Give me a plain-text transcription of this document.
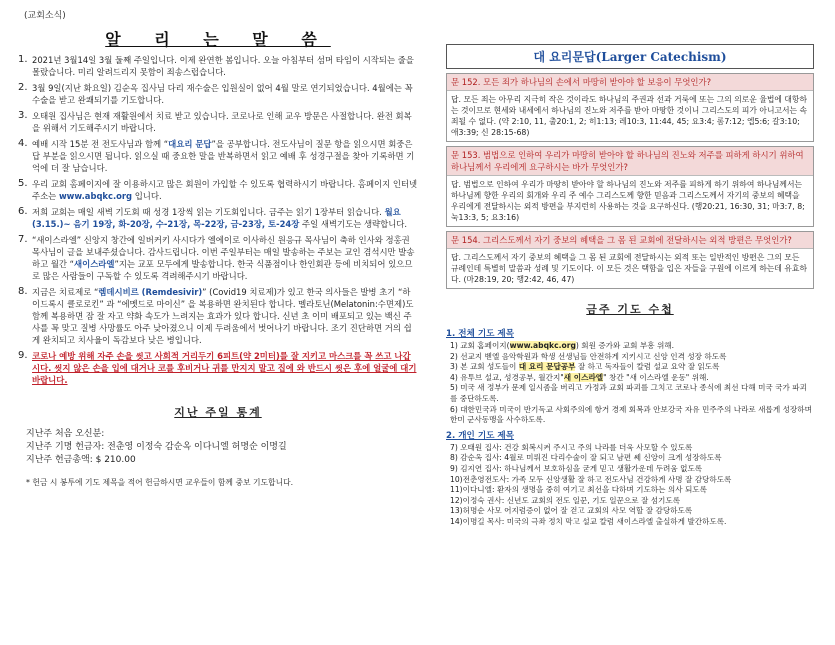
(교회소식)
알 리 는 말 씀
1. 2021년 3월14일 3월 둘째 주일입니다. 이제 완연한 봄입니다. 오늘 아침부터 섬머 타임이 시작되는 줄을 몰랐습니다. 미리 알려드리지 못함이 죄송스럽습니다.
2. 3월 9일(지난 화요일) 김순옥 집사님 다리 재수술은 입원실이 없어 4월 말로 연기되었습니다. 4월에는 꼭 수술을 받고 완쾌되기를 기도합니다.
3. 오태원 집사님은 현재 재활원에서 치료 받고 있습니다. 코로나로 인해 교우 방문은 사절합니다. 완전 회복을 위해서 기도해주시기 바랍니다.
4. 예배 시작 15분 전 전도사님과 함께 “대요리 문답”을 공부합니다. 전도사님이 질문 항을 읽으시면 회중은 답 부분을 읽으시면 됩니다. 읽으실 때 중요한 말을 반복하면서 읽고 예배 후 성경구절을 찾아 기록하면 기억에 더 잘 남습니다.
5. 우리 교회 홈페이지에 잘 이용하시고 많은 회원이 가입할 수 있도록 협력하시기 바랍니다. 홈페이지 인터넷 주소는 www.abqkc.org 입니다.
6. 저희 교회는 매일 새벽 기도회 때 성경 1장씩 읽는 기도회입니다. 금주는 읽기 1장부터 읽습니다. 월요(3.15.)~ 음기 19장, 화-20장, 수-21장, 목-22장, 금-23장, 토-24장 주일 새벽기도는 생략합니다.
7. “새이스라엘” 신앙지 창간에 일버커키 사시다가 엘에이로 이사하신 원응규 목사님이 축하 인사와 정홍권 목사님이 글을 보내주셨습니다. 감사드립니다. 이번 주일부터는 매일 발송하는 주보는 교인 겸석시만 발송하고 월간 “새이스라엘”지는 교포 모두에게 발송합니다. 한국 식품점이나 한인회관 등에 비치되어 있으므로 많은 사람들이 구독할 수 있도록 격려해주시기 바랍니다.
8. 지금은 치료제로 “렘데시비르 (Remdesivir)” (Covid19 치료제)가 있고 한국 의사들은 발병 초기 “하이드록시 클로로킨” 과 “에멧드로 마이신” 을 복용하면 완치된다 합니다. 멜라토닌(Melatonin:수면제)도 함께 복용하면 잠 잘 자고 약화 속도가 느려지는 효과가 있다 합니다. 신년 초 이미 배포되고 있는 백신 주사를 꼭 맞고 질병 사망률도 아주 낮아졌으니 이제 두려움에서 벗어나기 바랍니다. 조기 진단하면 거의 쉽게 완치되고 치사율이 독감보다 낮은 병입니다.
9. 코로나 예방 위해 자주 손을 씻고 사회적 거리두기 6피트(약 2미터)를 잘 지키고 마스크를 꼭 쓰고 나갑시다. 씻지 않은 손을 입에 대거나 코를 후비거나 귀를 만지지 말고 집에 와 반드시 씻은 후에 얼굴에 대기 바랍니다.
지난 주일 통계
지난주 처음 오신분:
지난주 기명 헌금자: 전춘영 이정숙 감순옥 이다니엘 허명순 이명길
지난주 헌금총액: $ 210.00
* 헌금 시 봉투에 기도 제목을 적어 헌금하시면 교우들이 함께 중보 기도합니다.
대 요리문답(Larger Catechism)
문 152. 모든 죄가 하나님의 손에서 마땅히 받아야 할 보응이 무엇인가?
답. 모든 죄는 아무리 지극히 작은 것이라도 하나님의 주권과 선과 거룩에 또는 그의 의로운 율법에 대항하는 것이므로 현세와 내세에서 하나님의 진노와 저주를 받아 마땅한 것이니 그리스도의 피가 아니고서는 속죄될 수 없다. (약 2:10, 11, 출20:1, 2; 히1:13; 레10:3, 11:44, 45; 요3:4; 롬7:12; 엡5:6; 갈3:10; 애3:39; 신 28:15-68)
문 153. 범법으로 인하여 우리가 마땅히 받아야 할 하나님의 진노와 저주를 피하게 하시기 위하여 하나님께서 우리에게 요구하시는 바가 무엇인가?
답. 범법으로 인하여 우리가 마땅히 받아야 할 하나님의 진노와 저주를 피하게 하기 위하여 하나님께서는 하나님께 향한 우리의 회개와 우리 주 예수 그리스도께 향한 믿음과 그리스도께서 자기의 중보의 혜택을 우리에게 전달하시는 외적 방편을 부지런히 사용하는 것을 요구하신다. (행20:21, 16:30, 31; 마3:7, 8; 눅13:3, 5; 요3:16)
문 154. 그리스도께서 자기 중보의 혜택을 그 몸 된 교회에 전달하시는 외적 방편은 무엇인가?
답. 그리스도께서 자기 중보의 혜택을 그 몸 된 교회에 전달하시는 외적 또는 일반적인 방편은 그의 모든 규례인데 특별히 말씀과 성례 및 기도이다. 이 모든 것은 택함을 입은 자들을 구원에 이르게 하는데 유효하다. (마28:19, 20; 행2:42, 46, 47)
금주 기도 수첩
1. 전체 기도 제목
1) 교회 홈페이지(www.abqkc.org) 회원 증가와 교회 부흥 위해.
2) 선교지 벧엘 음악학원과 학생 선생님들 안전하게 지키시고 신앙 인격 성장 하도록
3) 본 교회 성도들이 대 요리 문답공부 잘 하고 독자들이 칼럼 설교 요약 잘 읽도록
4) 유투브 설교, 성경공부, 월간지"새 이스라엘" 창간 "새 이스라엘 운동" 위해.
5) 미국 새 정부가 문제 일시좀을 버리고 가정과 교회 파괴를 그치고 코로나 종식에 최선 다해 미국 국가 파괴를 중단하도록.
6) 대한민국과 미국이 반기독교 사회주의에 항거 경제 회복과 안보강국 자유 민주주의 나라로 새롭게 성장하며 한미 군사동맹을 사수하도록.
2. 개인 기도 제목
7) 오태원 집사: 건강 회복시켜 주시고 주의 나라를 더욱 사모할 수 있도록
8) 감순옥 집사: 4월로 미뤄진 다리수술이 잘 되고 남편 쎄 신앙이 크게 성장하도록
9) 김지연 집사: 하나님께서 보호하심을 굳게 믿고 생활가운데 두려움 없도록
10)전춘영전도사: 가족 모두 신앙생활 잘 하고 전도사님 건강하게 사명 잘 감당하도록
11)이다니엘: 환자의 생명을 중히 여기고 최선을 다하며 기도하는 의사 되도록
12)이정숙 권사: 신년도 교회의 전도 일꾼, 기도 일꾼으로 잘 섬기도록
13)허명순 사모 어지럼증이 없어 잘 걷고 교회의 사모 역할 잘 감당하도록
14)이명길 목사: 미국의 극좌 정치 막고 설교 칼럼 새이스라엘 출실하게 발간하도록.
